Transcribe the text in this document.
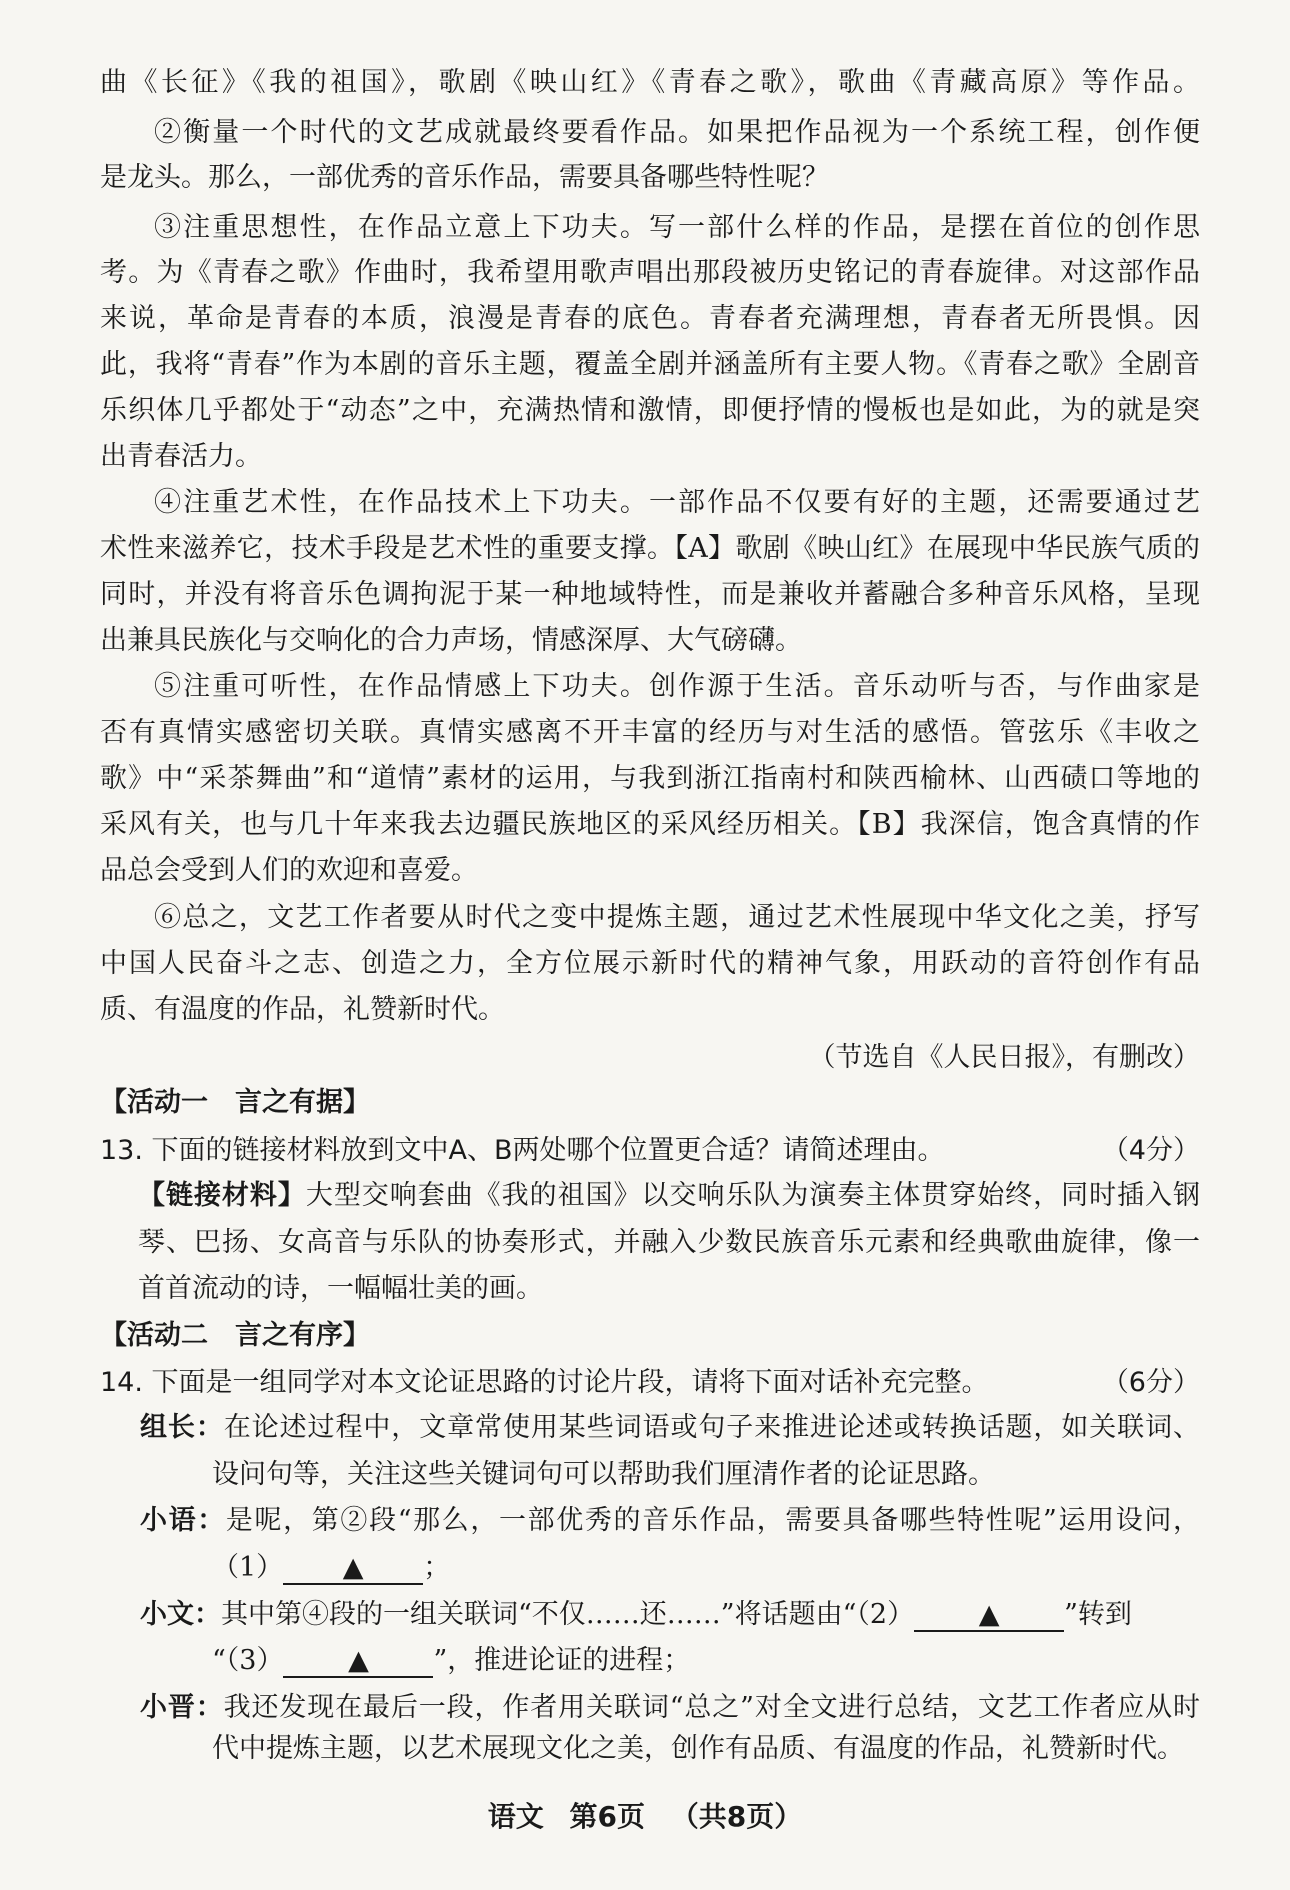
曲《长征》《我的祖国》，歌剧《映山红》《青春之歌》，歌曲《青藏高原》等作品。
②衡量一个时代的文艺成就最终要看作品。如果把作品视为一个系统工程，创作便
是龙头。那么，一部优秀的音乐作品，需要具备哪些特性呢？
③注重思想性，在作品立意上下功夫。写一部什么样的作品，是摆在首位的创作思
考。为《青春之歌》作曲时，我希望用歌声唱出那段被历史铭记的青春旋律。对这部作品
来说，革命是青春的本质，浪漫是青春的底色。青春者充满理想，青春者无所畏惧。因
此，我将“青春”作为本剧的音乐主题，覆盖全剧并涵盖所有主要人物。《青春之歌》全剧音
乐织体几乎都处于“动态”之中，充满热情和激情，即便抒情的慢板也是如此，为的就是突
出青春活力。
④注重艺术性，在作品技术上下功夫。一部作品不仅要有好的主题，还需要通过艺
术性来滋养它，技术手段是艺术性的重要支撑。【A】歌剧《映山红》在展现中华民族气质的
同时，并没有将音乐色调拘泥于某一种地域特性，而是兼收并蓄融合多种音乐风格，呈现
出兼具民族化与交响化的合力声场，情感深厚、大气磅礴。
⑤注重可听性，在作品情感上下功夫。创作源于生活。音乐动听与否，与作曲家是
否有真情实感密切关联。真情实感离不开丰富的经历与对生活的感悟。管弦乐《丰收之
歌》中“采茶舞曲”和“道情”素材的运用，与我到浙江指南村和陕西榆林、山西碛口等地的
采风有关，也与几十年来我去边疆民族地区的采风经历相关。【B】我深信，饱含真情的作
品总会受到人们的欢迎和喜爱。
⑥总之，文艺工作者要从时代之变中提炼主题，通过艺术性展现中华文化之美，抒写
中国人民奋斗之志、创造之力，全方位展示新时代的精神气象，用跃动的音符创作有品
质、有温度的作品，礼赞新时代。
（节选自《人民日报》，有删改）
【活动一　言之有据】
13. 下面的链接材料放到文中A、B两处哪个位置更合适？请简述理由。	（4分）
【链接材料】大型交响套曲《我的祖国》以交响乐队为演奏主体贯穿始终，同时插入钢
琴、巴扬、女高音与乐队的协奏形式，并融入少数民族音乐元素和经典歌曲旋律，像一
首首流动的诗，一幅幅壮美的画。
【活动二　言之有序】
14. 下面是一组同学对本文论证思路的讨论片段，请将下面对话补充完整。	（6分）
组长：在论述过程中，文章常使用某些词语或句子来推进论述或转换话题，如关联词、
设问句等，关注这些关键词句可以帮助我们厘清作者的论证思路。
小语：是呢，第②段“那么，一部优秀的音乐作品，需要具备哪些特性呢”运用设问，
（1） ▲ ；
小文：其中第④段的一组关联词“不仅……还……”将话题由“（2） ▲ ”转到
“（3） ▲ ”，推进论证的进程；
小晋：我还发现在最后一段，作者用关联词“总之”对全文进行总结，文艺工作者应从时
代中提炼主题，以艺术展现文化之美，创作有品质、有温度的作品，礼赞新时代。
语文 第6页 （共8页）
